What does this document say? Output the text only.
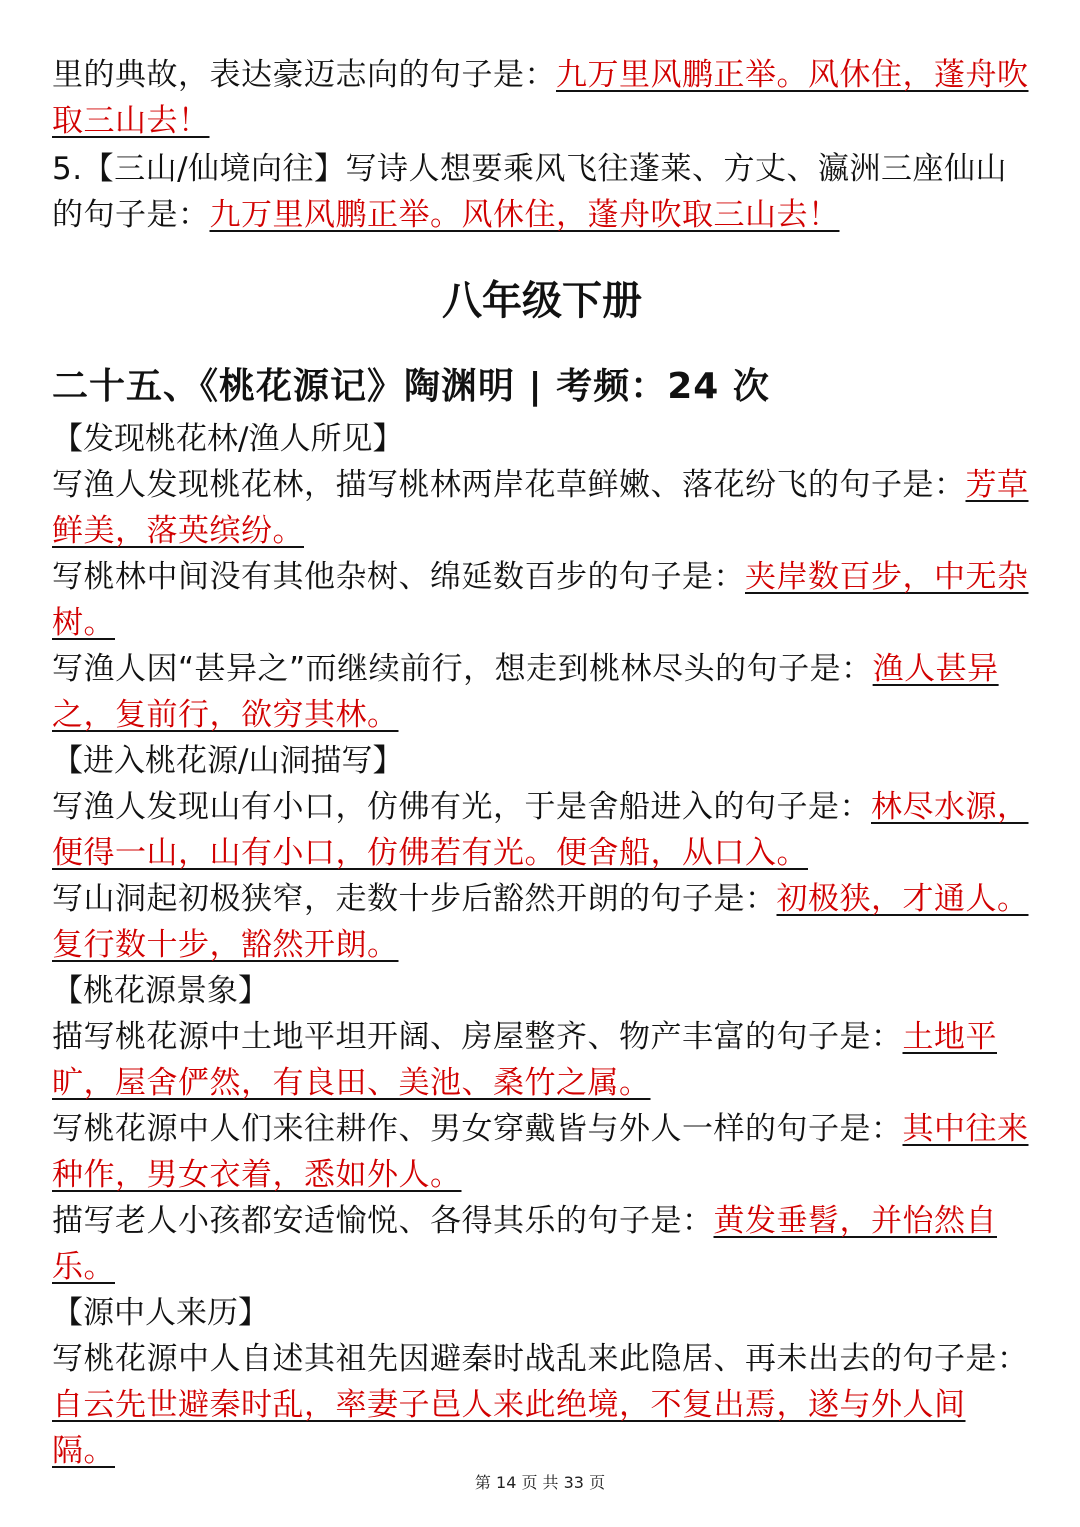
里的典故，表达豪迈志向的句子是：九万里风鹏正举。风休住，蓬舟吹取三山去！

5.【三山/仙境向往】写诗人想要乘风飞往蓬莱、方丈、瀛洲三座仙山的句子是：九万里风鹏正举。风休住，蓬舟吹取三山去！

八年级下册
二十五、《桃花源记》陶渊明 | 考频：24 次
【发现桃花林/渔人所见】

写渔人发现桃花林，描写桃林两岸花草鲜嫩、落花纷飞的句子是：芳草鲜美，落英缤纷。

写桃林中间没有其他杂树、绵延数百步的句子是：夹岸数百步，中无杂树。

写渔人因“甚异之”而继续前行，想走到桃林尽头的句子是：渔人甚异之，复前行，欲穷其林。

【进入桃花源/山洞描写】

写渔人发现山有小口，仿佛有光，于是舍船进入的句子是：林尽水源，便得一山，山有小口，仿佛若有光。便舍船，从口入。

写山洞起初极狭窄，走数十步后豁然开朗的句子是：初极狭，才通人。复行数十步，豁然开朗。

【桃花源景象】

描写桃花源中土地平坦开阔、房屋整齐、物产丰富的句子是：土地平旷，屋舍俨然，有良田、美池、桑竹之属。

写桃花源中人们来往耕作、男女穿戴皆与外人一样的句子是：其中往来种作，男女衣着，悉如外人。

描写老人小孩都安适愉悦、各得其乐的句子是：黄发垂髫，并怡然自乐。

【源中人来历】

写桃花源中人自述其祖先因避秦时战乱来此隐居、再未出去的句子是：自云先世避秦时乱，率妻子邑人来此绝境，不复出焉，遂与外人间隔。

第 14 页 共 33 页
